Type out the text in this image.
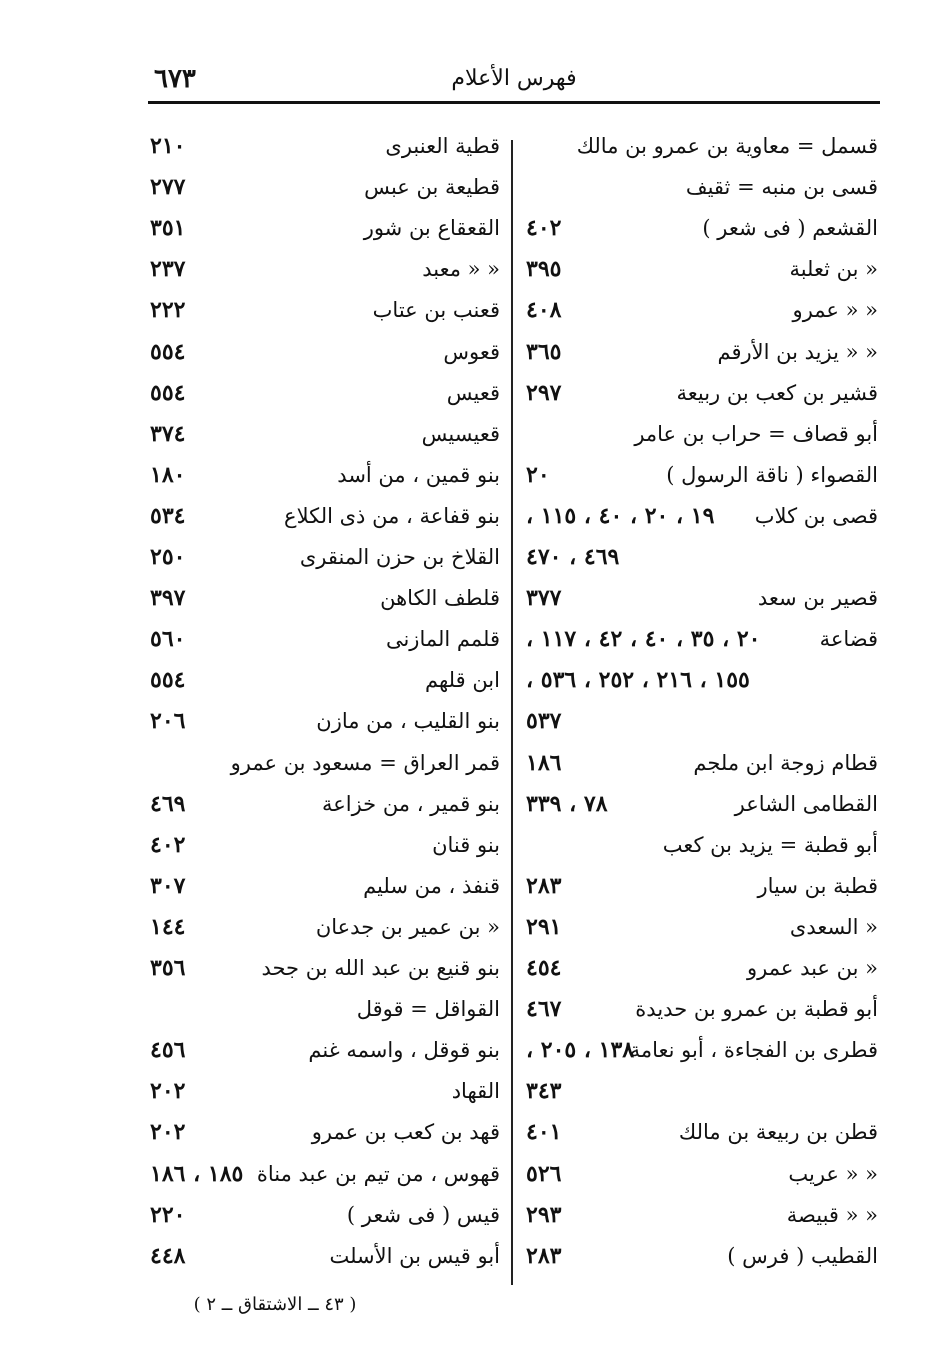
فهرس الأعلام
٦٧٣
قسمل = معاوية بن عمرو بن مالك
قسى بن منبه = ثقيف
القشعم ( فى شعر )
٤٠٢
« بن ثعلبة
٣٩٥
« « عمرو
٤٠٨
« « يزيد بن الأرقم
٣٦٥
قشير بن كعب بن ربيعة
٢٩٧
أبو قصاف = حراب بن عامر
القصواء ( ناقة الرسول )
٢٠
قصى بن كلاب
١٩ ، ٢٠ ، ٤٠ ، ١١٥ ،
٤٦٩ ، ٤٧٠
قصير بن سعد
٣٧٧
قضاعة
٢٠ ، ٣٥ ، ٤٠ ، ٤٢ ، ١١٧ ،
١٥٥ ، ٢١٦ ، ٢٥٢ ، ٥٣٦ ،
٥٣٧
قطام زوجة ابن ملجم
١٨٦
القطامى الشاعر
٧٨ ، ٣٣٩
أبو قطبة = يزيد بن كعب
قطبة بن سيار
٢٨٣
« السعدى
٢٩١
« بن عبد عمرو
٤٥٤
أبو قطبة بن عمرو بن حديدة
٤٦٧
قطرى بن الفجاءة ، أبو نعامة
١٣٨ ، ٢٠٥ ،
٣٤٣
قطن بن ربيعة بن مالك
٤٠١
« « عريب
٥٢٦
« « قبيصة
٢٩٣
القطيب ( فرس )
٢٨٣
قطية العنبرى
٢١٠
قطيعة بن عبس
٢٧٧
القعقاع بن شور
٣٥١
« « معبد
٢٣٧
قعنب بن عتاب
٢٢٢
قعوس
٥٥٤
قعيس
٥٥٤
قعيسيس
٣٧٤
بنو قمين ، من أسد
١٨٠
بنو قفاعة ، من ذى الكلاع
٥٣٤
القلاخ بن حزن المنقرى
٢٥٠
قلطف الكاهن
٣٩٧
قلمم المازنى
٥٦٠
ابن قلهم
٥٥٤
بنو القليب ، من مازن
٢٠٦
قمر العراق = مسعود بن عمرو
بنو قمير ، من خزاعة
٤٦٩
بنو قنان
٤٠٢
قنفذ ، من سليم
٣٠٧
« بن عمير بن جدعان
١٤٤
بنو قنيع بن عبد الله بن جحد
٣٥٦
القواقل = قوقل
بنو قوقل ، واسمه غنم
٤٥٦
القهاد
٢٠٢
قهد بن كعب بن عمرو
٢٠٢
قهوس ، من تيم بن عبد مناة
١٨٥ ، ١٨٦
قيس ( فى شعر )
٢٢٠
أبو قيس بن الأسلت
٤٤٨
( ٤٣ ــ الاشتقاق ــ ٢ )
